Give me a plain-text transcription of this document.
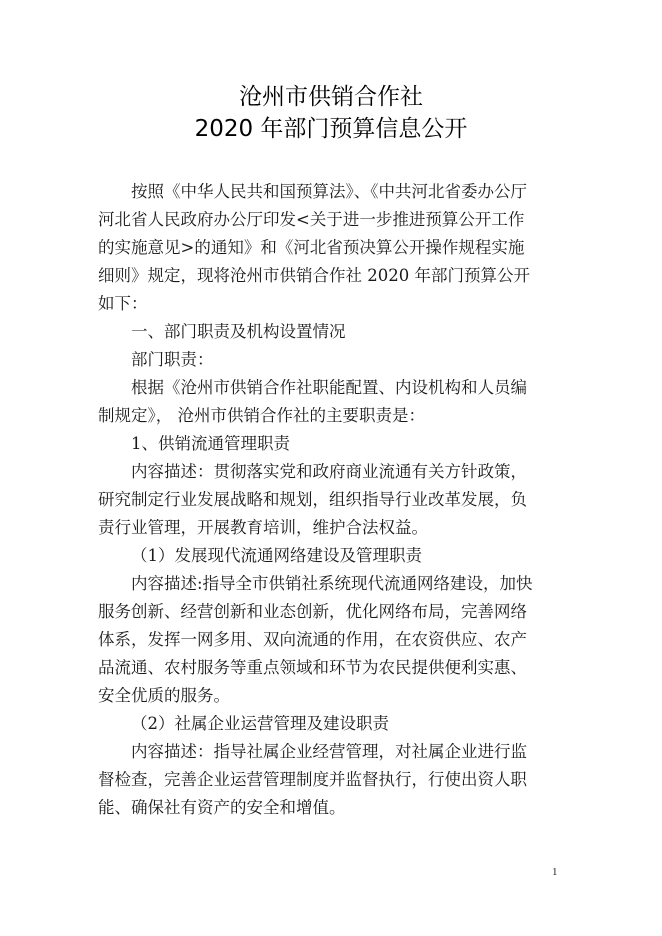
沧州市供销合作社
2020 年部门预算信息公开
按照《中华人民共和国预算法》、《中共河北省委办公厅
河北省人民政府办公厅印发<关于进一步推进预算公开工作
的实施意见>的通知》和《河北省预决算公开操作规程实施
细则》规定，现将沧州市供销合作社 2020 年部门预算公开
如下：
一、部门职责及机构设置情况
部门职责：
根据《沧州市供销合作社职能配置、内设机构和人员编
制规定》， 沧州市供销合作社的主要职责是：
1、供销流通管理职责
内容描述：贯彻落实党和政府商业流通有关方针政策，
研究制定行业发展战略和规划，组织指导行业改革发展，负
责行业管理，开展教育培训，维护合法权益。
（1）发展现代流通网络建设及管理职责
内容描述:指导全市供销社系统现代流通网络建设，加快
服务创新、经营创新和业态创新，优化网络布局，完善网络
体系，发挥一网多用、双向流通的作用，在农资供应、农产
品流通、农村服务等重点领域和环节为农民提供便利实惠、
安全优质的服务。
（2）社属企业运营管理及建设职责
内容描述：指导社属企业经营管理，对社属企业进行监
督检查，完善企业运营管理制度并监督执行，行使出资人职
能、确保社有资产的安全和增值。
1
